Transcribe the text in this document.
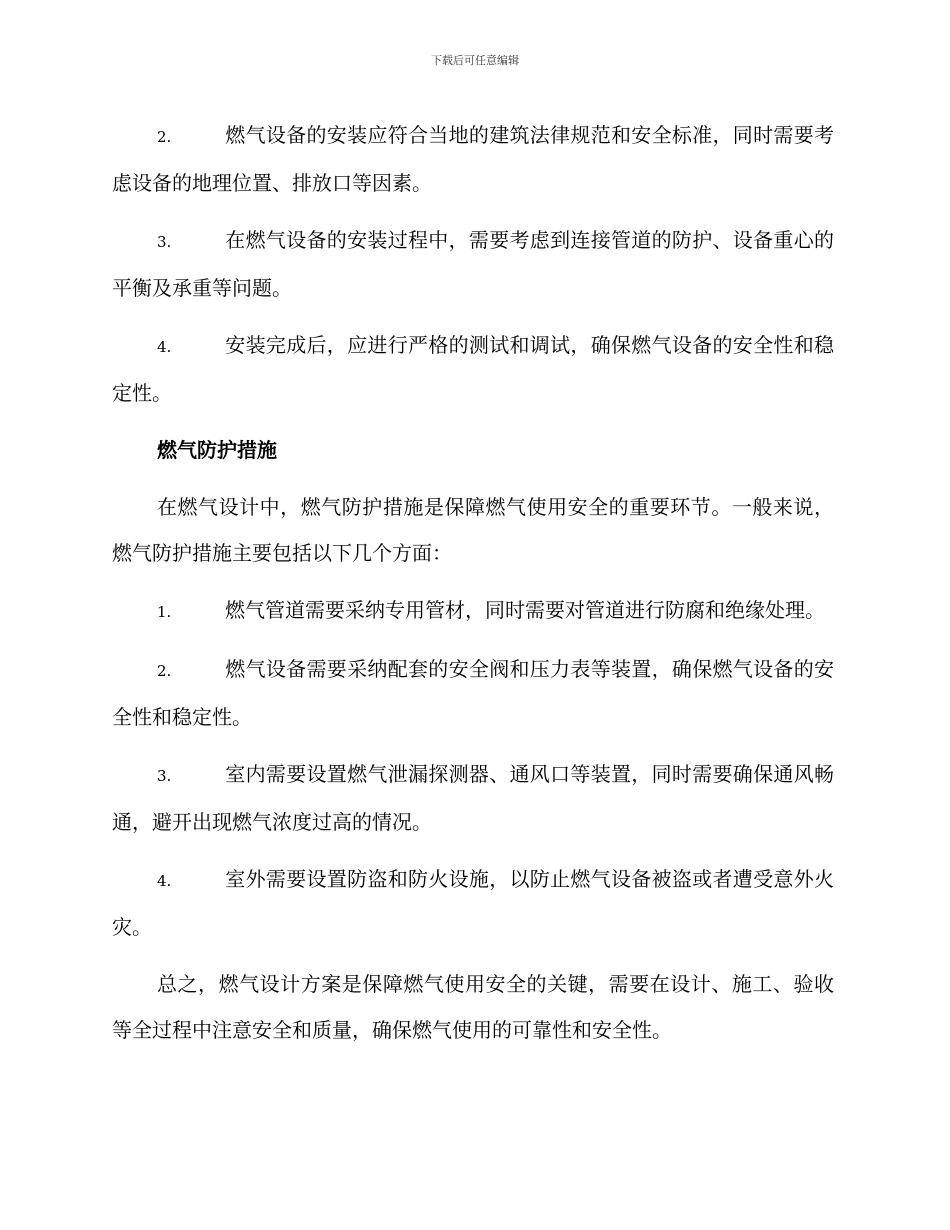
下载后可任意编辑

2.	燃气设备的安装应符合当地的建筑法律规范和安全标准，同时需要考虑设备的地理位置、排放口等因素。

3.	在燃气设备的安装过程中，需要考虑到连接管道的防护、设备重心的平衡及承重等问题。

4.	安装完成后，应进行严格的测试和调试，确保燃气设备的安全性和稳定性。

燃气防护措施

在燃气设计中，燃气防护措施是保障燃气使用安全的重要环节。一般来说，燃气防护措施主要包括以下几个方面：

1.	燃气管道需要采纳专用管材，同时需要对管道进行防腐和绝缘处理。

2.	燃气设备需要采纳配套的安全阀和压力表等装置，确保燃气设备的安全性和稳定性。

3.	室内需要设置燃气泄漏探测器、通风口等装置，同时需要确保通风畅通，避开出现燃气浓度过高的情况。

4.	室外需要设置防盗和防火设施，以防止燃气设备被盗或者遭受意外火灾。

总之，燃气设计方案是保障燃气使用安全的关键，需要在设计、施工、验收等全过程中注意安全和质量，确保燃气使用的可靠性和安全性。
